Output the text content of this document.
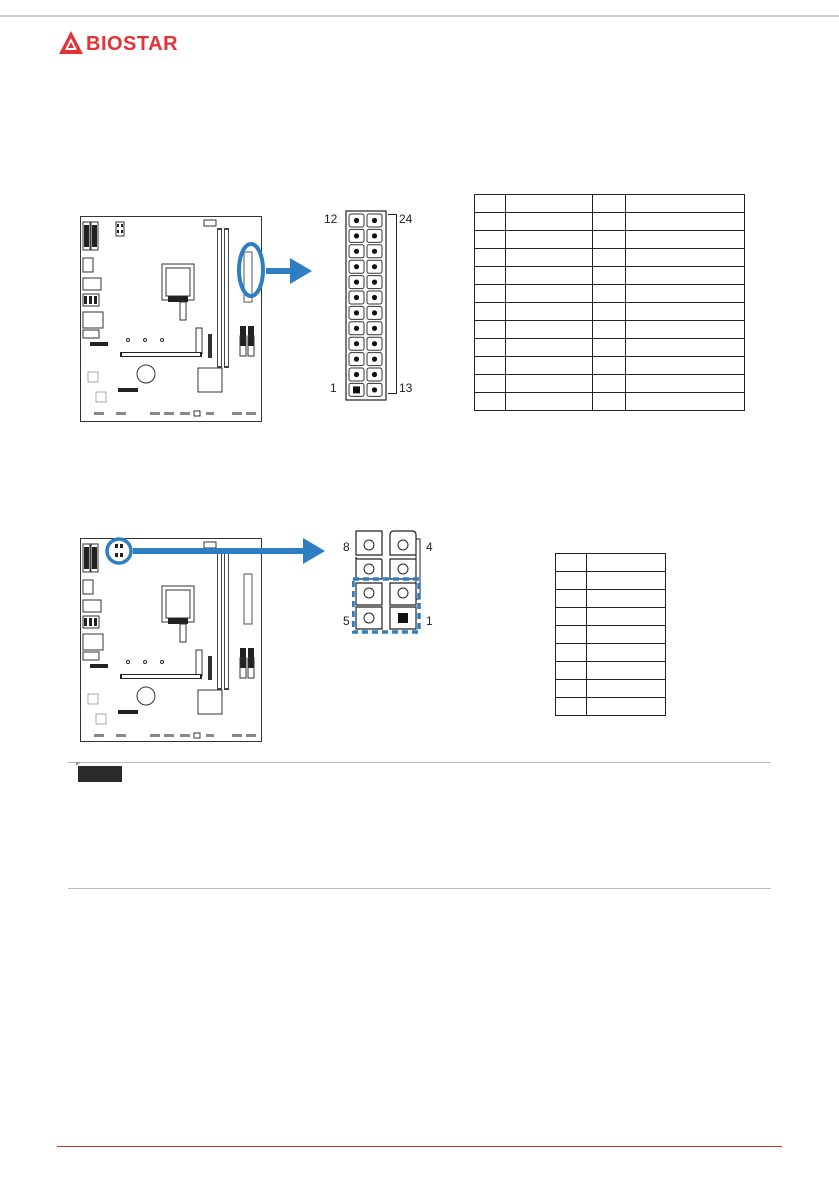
BIOSTAR
12	24
1	13

8	4
5	1
